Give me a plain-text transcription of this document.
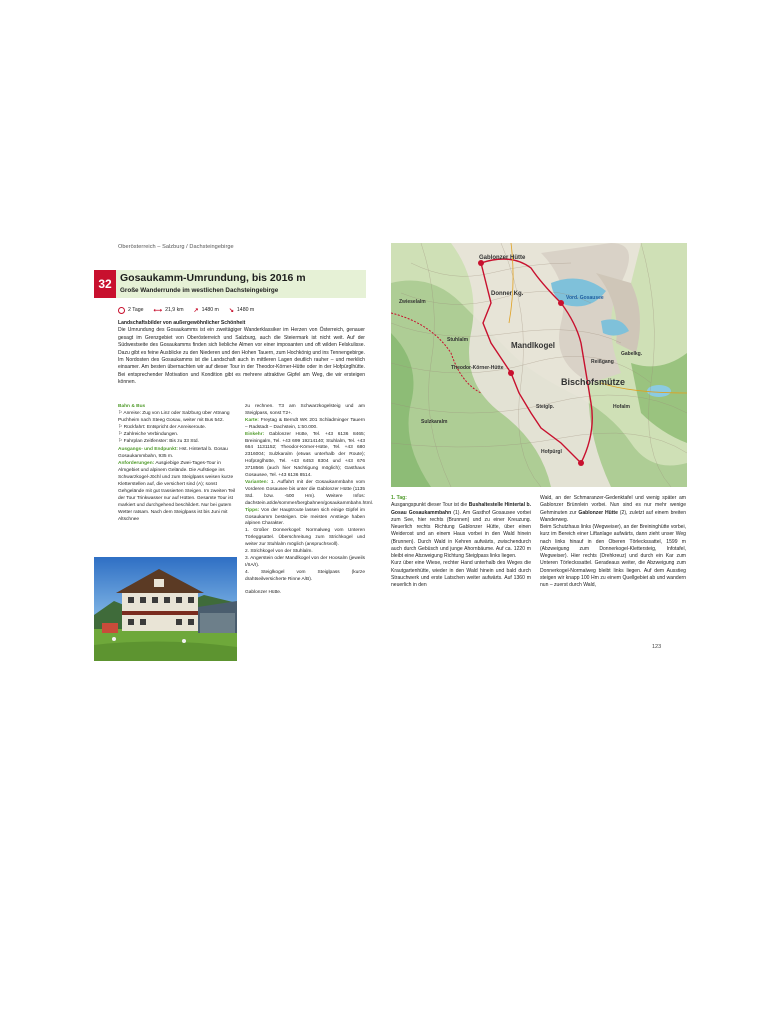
Oberösterreich – Salzburg / Dachsteingebirge
32 Gosaukamm-Umrundung, bis 2016 m
Große Wanderrunde im westlichen Dachsteingebirge
2 Tage ⟷ 21,9 km ↗ 1480 m ↘ 1480 m
Landschaftsbilder von außergewöhnlicher Schönheit
Die Umrundung des Gosaukamms ist ein zweitägiger Wanderklassiker im Herzen von Österreich, genauer gesagt im Grenzgebiet von Oberösterreich und Salzburg, auch die Steiermark ist nicht weit. Auf der Südwestseite des Gosaukamms finden sich liebliche Almen vor einer imposanten und oft wilden Felskulisse. Dazu gibt es feine Ausblicke zu den Niederen und den Hohen Tauern, zum Hochkönig und ins Tennengebirge. Im Nordosten des Gosaukamms ist die Landschaft auch in mittleren Lagen deutlich rauher – und merklich einsamer. Am besten übernachten wir auf dieser Tour in der Theodor-Körner-Hütte oder in der Hofpürglhütte. Bei entsprechender Motivation und Kondition gibt es mehrere attraktive Gipfel am Weg, die wir ersteigen können.

Bahn & Bus

⚐ Anreise: Zug von Linz oder Salzburg über Attnang Puchheim nach Steeg Gosau, weiter mit Bus 542.

⚐ Rückfahrt: Entspricht der Anreiseroute.

⚐ Zahlreiche Verbindungen.

⚐ Fahrplan Zeitfenster: Bis zu 33 Std.

Ausgangs- und Endpunkt: Hst. Hintertal b. Gosau Gosaukammbahn, 935 m.

Anforderungen: Ausgiebige Zwei-Tages-Tour in Almgebiet und alpinem Gelände. Die Aufstiege ins Schwarzkogel-Jöchl und zum Steiglpass weisen kurze Kletterstellen auf, die versichert sind (A); sonst Gehgelände mit gut trassierten Steigen. Im zweiten Teil der Tour Trinkwasser nur auf Hütten. Gesamte Tour ist markiert und durchgehend beschildert. Nur bei gutem Wetter ratsam. Nach dem Steiglpass ist bis Juni mit Altschnee

zu rechnen. T3 am Schwarzkogelsteig und am Steiglpass, sonst T2+.

Karte: Freytag & Berndt WK 201 Schladminger Tauern – Radstadt – Dachstein, 1:50.000.

Einkehr: Gablonzer Hütte, Tel. +43 6136 8465; Breiningalm, Tel. +43 699 19214140; Stuhlalm, Tel. +43 664 1131152; Theodor-Körner-Hütte, Tel. +43 680 2316004; Sulzkaralm (etwas unterhalb der Route); Hofpürglhütte, Tel. +43 6453 8304 und +43 676 3718566 (auch hier Nächtigung möglich); Gasthaus Gosausee, Tel. +43 6136 8514.

Varianten: 1. Auffahrt mit der Gosaukammbahn vom Vorderen Gosausee bis unter die Gablonzer Hütte (1135 Std. bzw. -500 Hm). Weitere Infos: dachstein.at/de/sommer/bergbahnen/gosaukammbahn.html.

Tipps: Von der Hauptroute lassen sich einige Gipfel im Gosaukamm besteigen. Die meisten Anstiege haben alpinen Charakter.

1. Großer Donnerkogel: Normalweg vom Unteren Törleggsattel. Überschreitung zum Strichkogel und weiter zur Stuhlalm möglich (anspruchsvoll).

2. Strichkogel von der Stuhlalm.

3. Angerstein oder Mandlkogel von der Hoosalm (jeweils I/IIA/I).

4. Steiglkogel vom Steiglpass (kurze drahtseilversicherte Rinne A/B).

Gablonzer Hütte.

Gablonzer Hütte
Donner Kg.
Mandlkogel
Bischofsmütze
Vord. Gosausee
Hofalm
Zwieselalm
Theodor-Körner-Hütte
Stuhlalm
Gabelkg.
Sulzkaralm
Hofpürgl
Reißgang
Steiglp.

1. Tag:
Ausgangspunkt dieser Tour ist die Bushaltestelle Hintertal b. Gosau Gosaukammbahn (1). Am Gasthof Gosausee vorbei zum See, hier rechts (Brunnen) und zu einer Kreuzung. Neuerlich rechts Richtung Gablonzer Hütte, über einen Weiderost und an einem Haus vorbei in den Wald hinein (Brunnen). Durch Wald in Kehren aufwärts, zwischendurch auch durch Gebüsch und junge Ahornbäume. Auf ca. 1220 m bleibt eine Abzweigung Richtung Steiglpass links liegen.

Kurz über eine Wiese, rechter Hand unterhalb des Weges die Krautgartenhütte, wieder in den Wald hinein und bald durch Strauchwerk und erste Latschen weiter aufwärts. Auf 1360 m neuerlich in den

Wald, an der Schmaranzer-Gedenktafel und wenig später am Gablonzer Brünnlein vorbei. Nun sind es nur mehr wenige Gehminuten zur Gablonzer Hütte (2), zuletzt auf einem breiten Wanderweg.

Beim Schutzhaus links (Wegweiser), an der Breininghütte vorbei, kurz im Bereich einer Liftanlage aufwärts, dann zieht unser Weg nach links hinauf in den Oberen Törleckssattel, 1599 m (Abzweigung zum Donnerkogel-Klettersteig, Infotafel, Wegweiser). Hier rechts (Drehkreuz) und durch ein Kar zum Unteren Törleckssattel. Geradeaus weiter, die Abzweigung zum Donnerkogel-Normalweg bleibt links liegen. Auf dem Ausstieg steigen wir knapp 100 Hm zu einem Quellgebiet ab und wandern nun – zuerst durch Wald,

123
